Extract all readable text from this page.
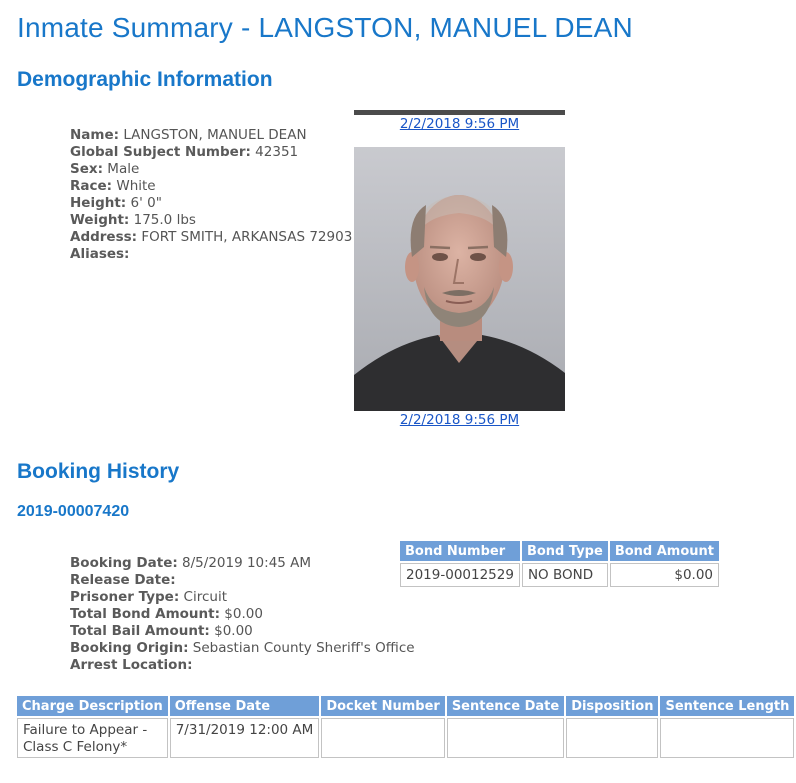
Inmate Summary - LANGSTON, MANUEL DEAN
Demographic Information
2/2/2018 9:56 PM
Name: LANGSTON, MANUEL DEAN
Global Subject Number: 42351
Sex: Male
Race: White
Height: 6' 0"
Weight: 175.0 lbs
Address: FORT SMITH, ARKANSAS 72903
Aliases:
2/2/2018 9:56 PM
Booking History
2019-00007420
Booking Date: 8/5/2019 10:45 AM
Release Date:
Prisoner Type: Circuit
Total Bond Amount: $0.00
Total Bail Amount: $0.00
Booking Origin: Sebastian County Sheriff's Office
Arrest Location:
Bond Number	Bond Type	Bond Amount
2019-00012529	NO BOND	$0.00
Charge Description	Offense Date	Docket Number	Sentence Date	Disposition	Sentence Length
Failure to Appear - Class C Felony*	7/31/2019 12:00 AM				
